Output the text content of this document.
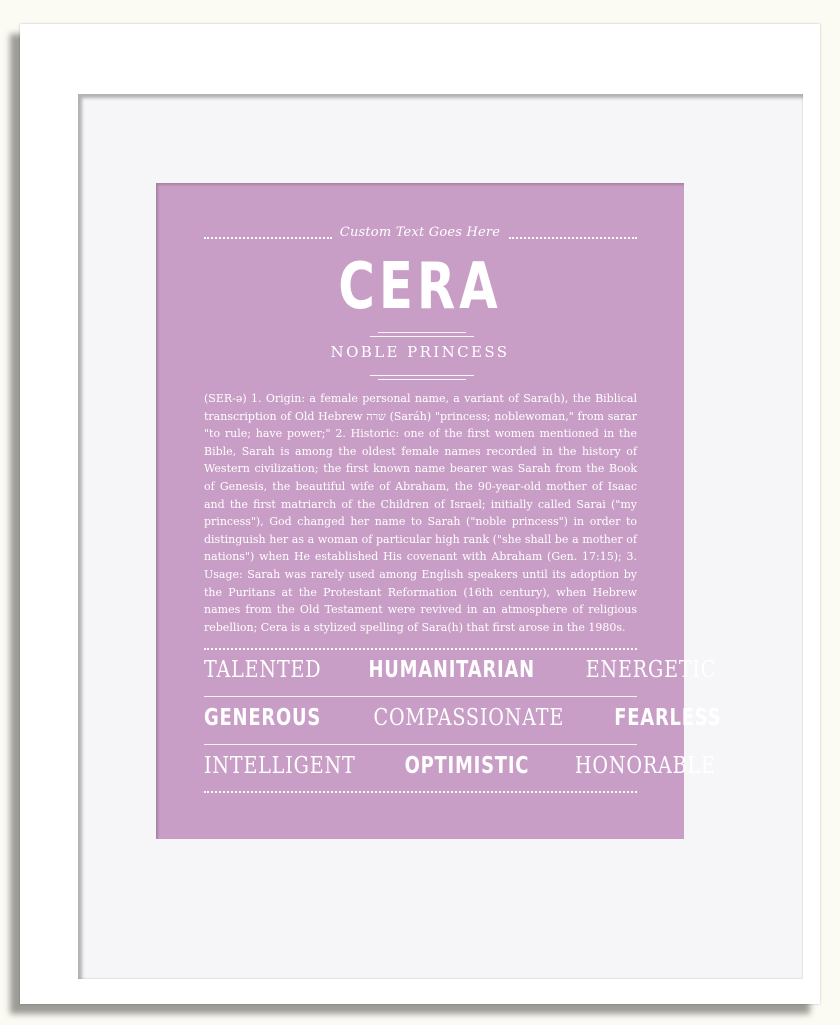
Custom Text Goes Here
CERA
NOBLE PRINCESS

(SER-ə) 1. Origin: a female personal name, a variant of Sara(h), the Biblical transcription of Old Hebrew שרה (Saráh) "princess; noblewoman," from sarar "to rule; have power;" 2. Historic: one of the first women mentioned in the Bible, Sarah is among the oldest female names recorded in the history of Western civilization; the first known name bearer was Sarah from the Book of Genesis, the beautiful wife of Abraham, the 90-year-old mother of Isaac and the first matriarch of the Children of Israel; initially called Sarai ("my princess"), God changed her name to Sarah ("noble princess") in order to distinguish her as a woman of particular high rank ("she shall be a mother of nations") when He established His covenant with Abraham (Gen. 17:15); 3. Usage: Sarah was rarely used among English speakers until its adoption by the Puritans at the Protestant Reformation (16th century), when Hebrew names from the Old Testament were revived in an atmosphere of religious rebellion; Cera is a stylized spelling of Sara(h) that first arose in the 1980s.

TALENTED HUMANITARIAN ENERGETIC
GENEROUS COMPASSIONATE FEARLESS
INTELLIGENT OPTIMISTIC HONORABLE
